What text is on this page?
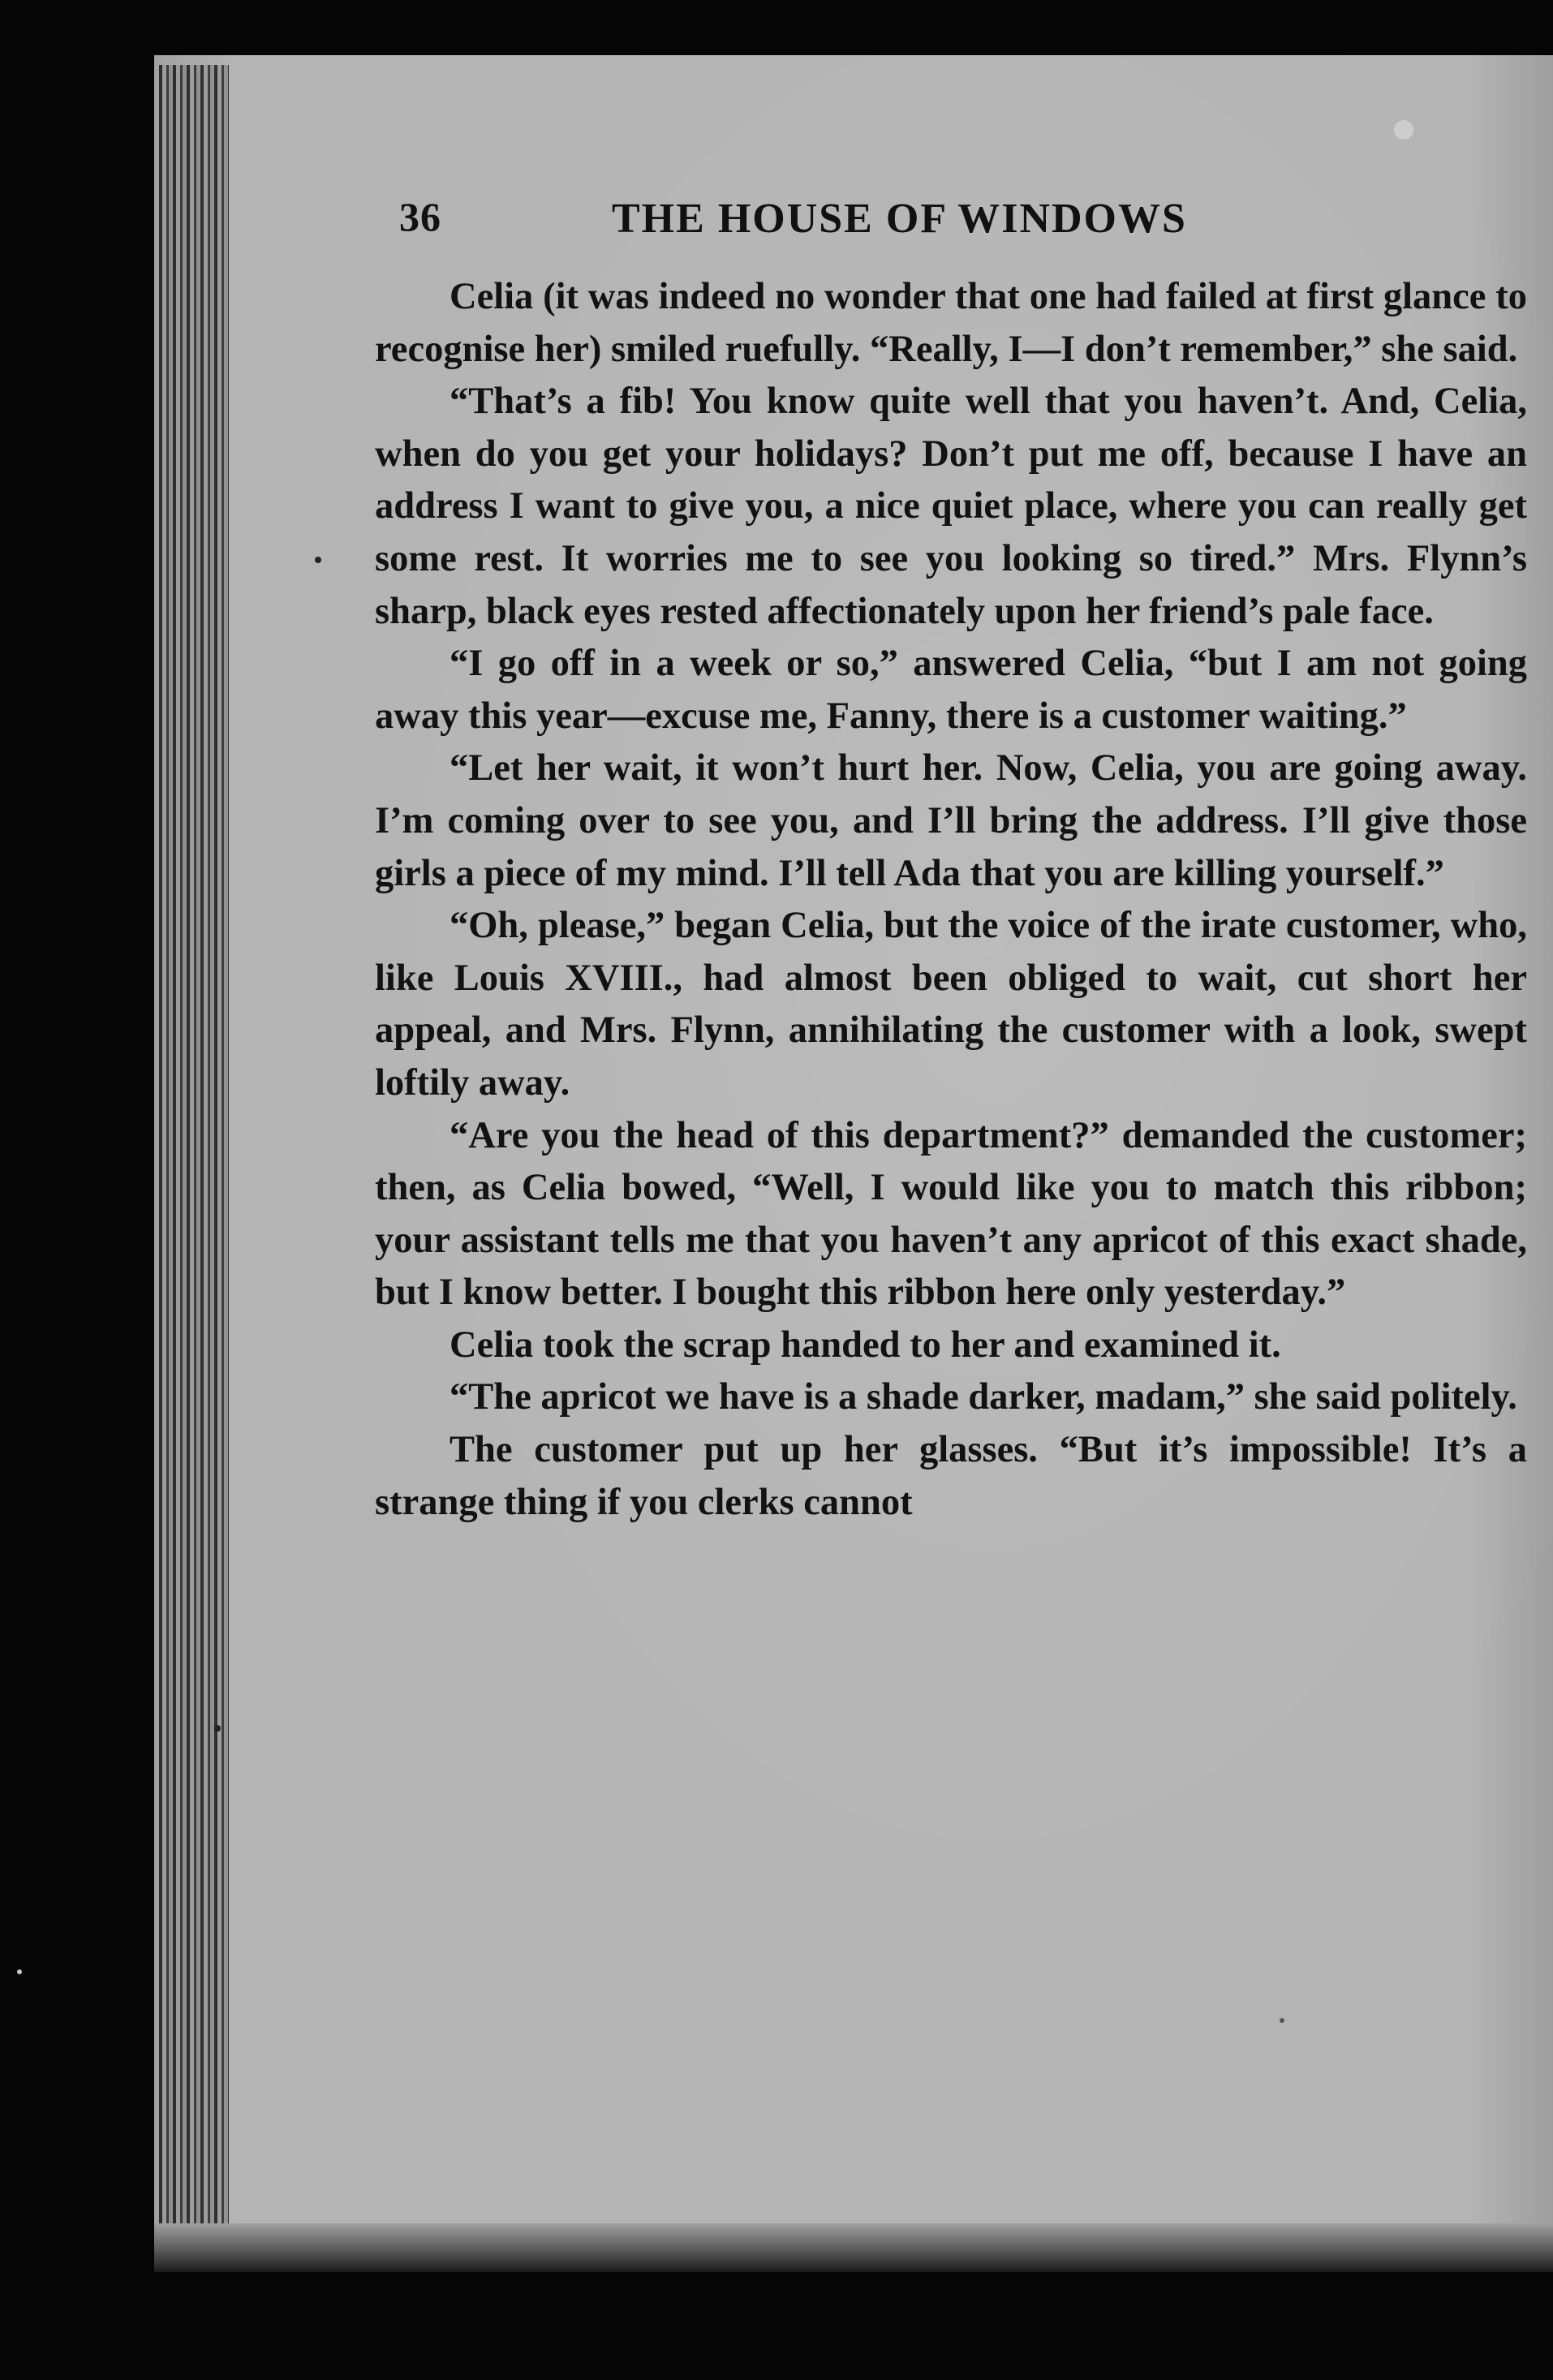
36	THE HOUSE OF WINDOWS

Celia (it was indeed no wonder that one had failed at first glance to recognise her) smiled ruefully. “Really, I—I don’t remember,” she said.

“That’s a fib! You know quite well that you haven’t. And, Celia, when do you get your holidays? Don’t put me off, because I have an address I want to give you, a nice quiet place, where you can really get some rest. It worries me to see you looking so tired.” Mrs. Flynn’s sharp, black eyes rested affectionately upon her friend’s pale face.

“I go off in a week or so,” answered Celia, “but I am not going away this year—excuse me, Fanny, there is a customer waiting.”

“Let her wait, it won’t hurt her. Now, Celia, you are going away. I’m coming over to see you, and I’ll bring the address. I’ll give those girls a piece of my mind. I’ll tell Ada that you are killing yourself.”

“Oh, please,” began Celia, but the voice of the irate customer, who, like Louis XVIII., had almost been obliged to wait, cut short her appeal, and Mrs. Flynn, annihilating the customer with a look, swept loftily away.

“Are you the head of this department?” demanded the customer; then, as Celia bowed, “Well, I would like you to match this ribbon; your assistant tells me that you haven’t any apricot of this exact shade, but I know better. I bought this ribbon here only yesterday.”

Celia took the scrap handed to her and examined it.

“The apricot we have is a shade darker, madam,” she said politely.

The customer put up her glasses. “But it’s impossible! It’s a strange thing if you clerks cannot
